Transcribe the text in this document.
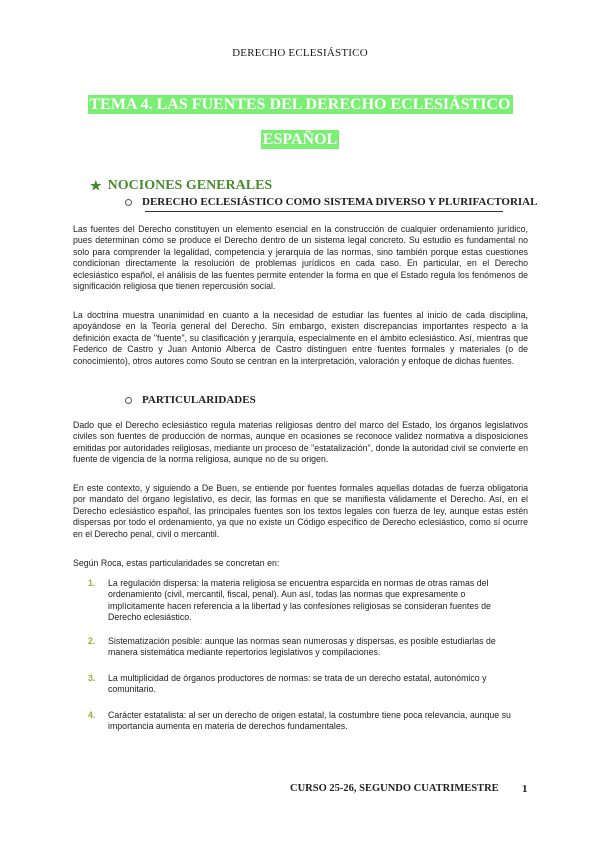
DERECHO ECLESIÁSTICO
TEMA 4. LAS FUENTES DEL DERECHO ECLESIÁSTICO
ESPAÑOL
★ NOCIONES GENERALES
DERECHO ECLESIÁSTICO COMO SISTEMA DIVERSO Y PLURIFACTORIAL

Las fuentes del Derecho constituyen un elemento esencial en la construcción de cualquier ordenamiento jurídico, pues determinan cómo se produce el Derecho dentro de un sistema legal concreto. Su estudio es fundamental no solo para comprender la legalidad, competencia y jerarquía de las normas, sino también porque estas cuestiones condicionan directamente la resolución de problemas jurídicos en cada caso. En particular, en el Derecho eclesiástico español, el análisis de las fuentes permite entender la forma en que el Estado regula los fenómenos de significación religiosa que tienen repercusión social.

La doctrina muestra unanimidad en cuanto a la necesidad de estudiar las fuentes al inicio de cada disciplina, apoyándose en la Teoría general del Derecho. Sin embargo, existen discrepancias importantes respecto a la definición exacta de "fuente", su clasificación y jerarquía, especialmente en el ámbito eclesiástico. Así, mientras que Federico de Castro y Juan Antonio Alberca de Castro distinguen entre fuentes formales y materiales (o de conocimiento), otros autores como Souto se centran en la interpretación, valoración y enfoque de dichas fuentes.

PARTICULARIDADES

Dado que el Derecho eclesiástico regula materias religiosas dentro del marco del Estado, los órganos legislativos civiles son fuentes de producción de normas, aunque en ocasiones se reconoce validez normativa a disposiciones emitidas por autoridades religiosas, mediante un proceso de "estatalización", donde la autoridad civil se convierte en fuente de vigencia de la norma religiosa, aunque no de su origen.

En este contexto, y siguiendo a De Buen, se entiende por fuentes formales aquellas dotadas de fuerza obligatoria por mandato del órgano legislativo, es decir, las formas en que se manifiesta válidamente el Derecho. Así, en el Derecho eclesiástico español, las principales fuentes son los textos legales con fuerza de ley, aunque estas estén dispersas por todo el ordenamiento, ya que no existe un Código específico de Derecho eclesiástico, como sí ocurre en el Derecho penal, civil o mercantil.

Según Roca, estas particularidades se concretan en:

1. La regulación dispersa: la materia religiosa se encuentra esparcida en normas de otras ramas del ordenamiento (civil, mercantil, fiscal, penal). Aun así, todas las normas que expresamente o implícitamente hacen referencia a la libertad y las confesiones religiosas se consideran fuentes de Derecho eclesiástico.
2. Sistematización posible: aunque las normas sean numerosas y dispersas, es posible estudiarlas de manera sistemática mediante repertorios legislativos y compilaciones.
3. La multiplicidad de órganos productores de normas: se trata de un derecho estatal, autonómico y comunitario.
4. Carácter estatalista: al ser un derecho de origen estatal, la costumbre tiene poca relevancia, aunque su importancia aumenta en materia de derechos fundamentales.
CURSO 25-26, SEGUNDO CUATRIMESTRE 1
